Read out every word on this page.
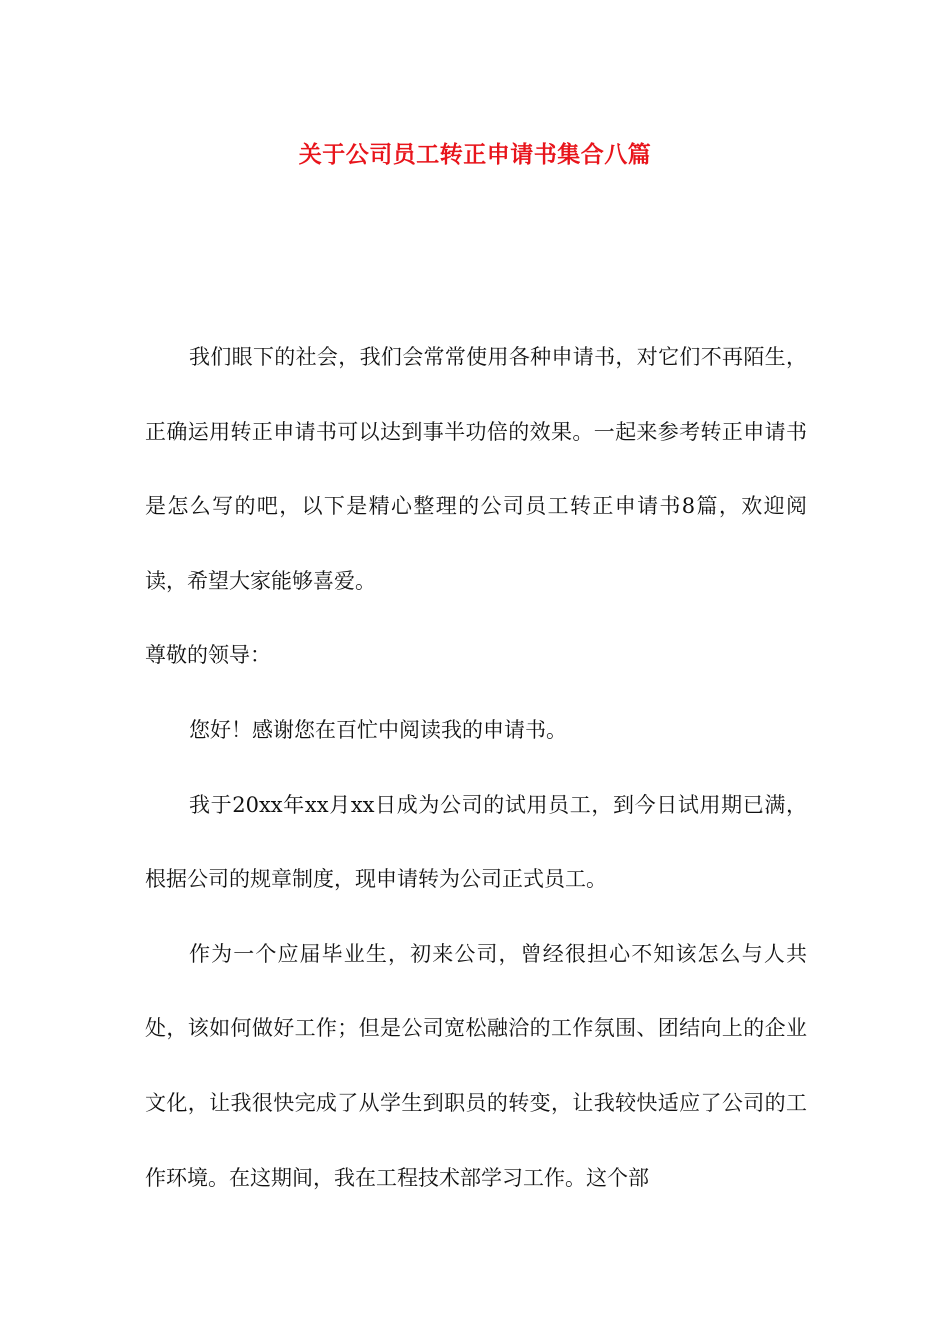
关于公司员工转正申请书集合八篇

我们眼下的社会，我们会常常使用各种申请书，对它们不再陌生，正确运用转正申请书可以达到事半功倍的效果。一起来参考转正申请书是怎么写的吧，以下是精心整理的公司员工转正申请书8篇，欢迎阅读，希望大家能够喜爱。

尊敬的领导：

您好！感谢您在百忙中阅读我的申请书。

我于20xx年xx月xx日成为公司的试用员工，到今日试用期已满，根据公司的规章制度，现申请转为公司正式员工。

作为一个应届毕业生，初来公司，曾经很担心不知该怎么与人共处，该如何做好工作；但是公司宽松融洽的工作氛围、团结向上的企业文化，让我很快完成了从学生到职员的转变，让我较快适应了公司的工作环境。在这期间，我在工程技术部学习工作。这个部
